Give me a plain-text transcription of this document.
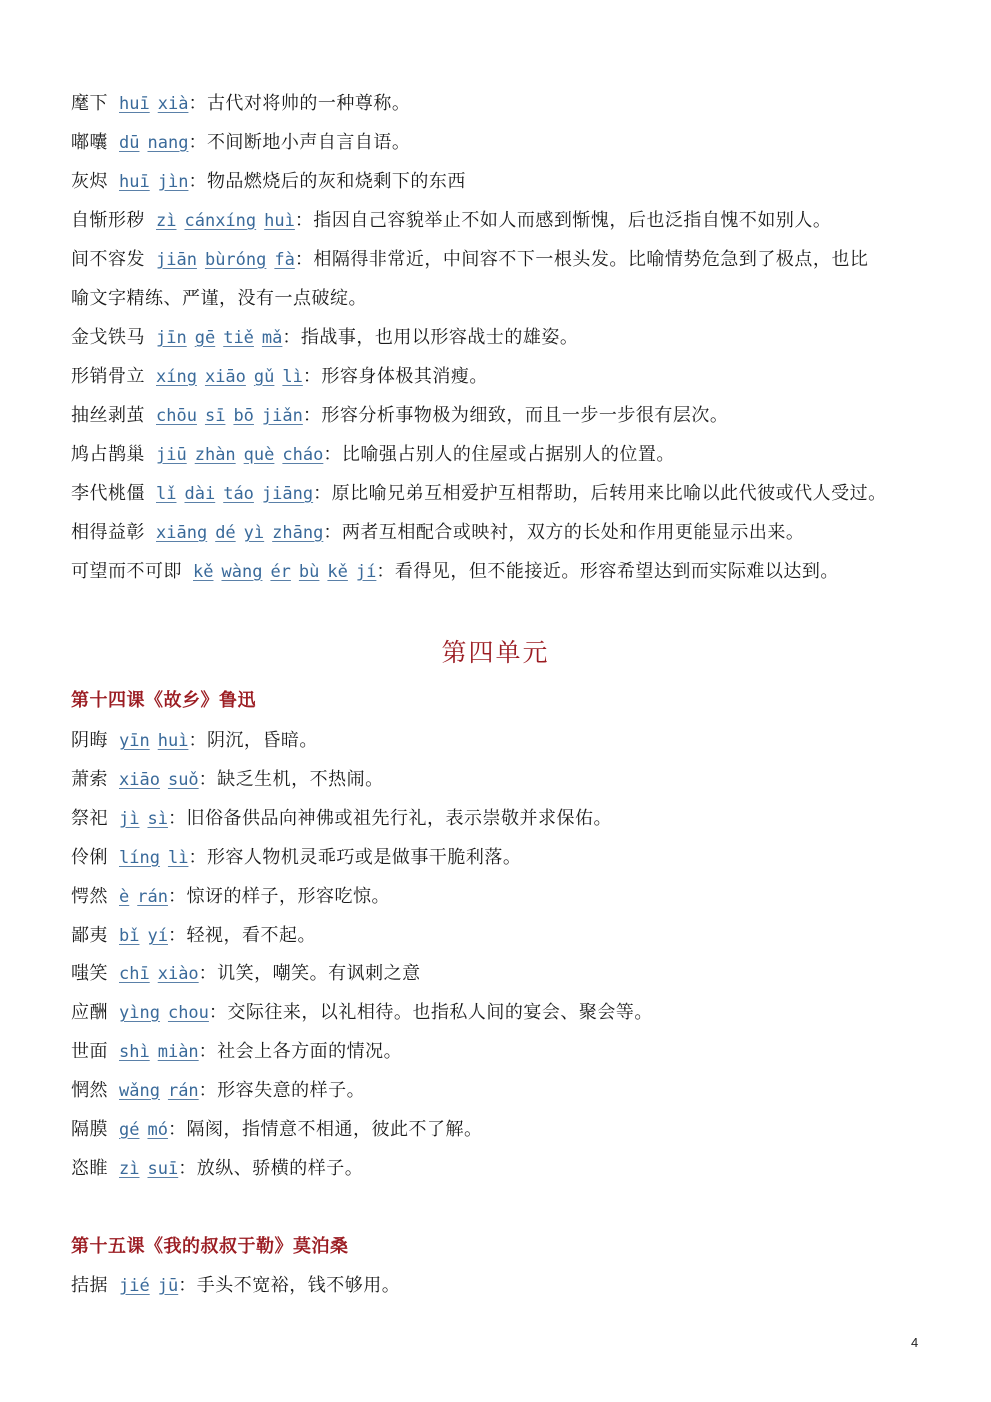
麾下 huī xià：古代对将帅的一种尊称。
嘟囔 dū nang：不间断地小声自言自语。
灰烬 huī jìn：物品燃烧后的灰和烧剩下的东西
自惭形秽 zì cánxíng huì：指因自己容貌举止不如人而感到惭愧，后也泛指自愧不如别人。
间不容发 jiān bùróng fà：相隔得非常近，中间容不下一根头发。比喻情势危急到了极点，也比
喻文字精练、严谨，没有一点破绽。
金戈铁马 jīn gē tiě mǎ：指战事，也用以形容战士的雄姿。
形销骨立 xíng xiāo gǔ lì：形容身体极其消瘦。
抽丝剥茧 chōu sī bō jiǎn：形容分析事物极为细致，而且一步一步很有层次。
鸠占鹊巢 jiū zhàn què cháo：比喻强占别人的住屋或占据别人的位置。
李代桃僵 lǐ dài táo jiāng：原比喻兄弟互相爱护互相帮助，后转用来比喻以此代彼或代人受过。
相得益彰 xiāng dé yì zhāng：两者互相配合或映衬，双方的长处和作用更能显示出来。
可望而不可即 kě wàng ér bù kě jí：看得见，但不能接近。形容希望达到而实际难以达到。
第四单元
第十四课《故乡》鲁迅
阴晦 yīn huì：阴沉，昏暗。
萧索 xiāo suǒ：缺乏生机，不热闹。
祭祀 jì sì：旧俗备供品向神佛或祖先行礼，表示崇敬并求保佑。
伶俐 líng lì：形容人物机灵乖巧或是做事干脆利落。
愕然 è rán：惊讶的样子，形容吃惊。
鄙夷 bǐ yí：轻视，看不起。
嗤笑 chī xiào：讥笑，嘲笑。有讽刺之意
应酬 yìng chou：交际往来，以礼相待。也指私人间的宴会、聚会等。
世面 shì miàn：社会上各方面的情况。
惘然 wǎng rán：形容失意的样子。
隔膜 gé mó：隔阂，指情意不相通，彼此不了解。
恣睢 zì suī：放纵、骄横的样子。
第十五课《我的叔叔于勒》莫泊桑
拮据 jié jū：手头不宽裕，钱不够用。
4
